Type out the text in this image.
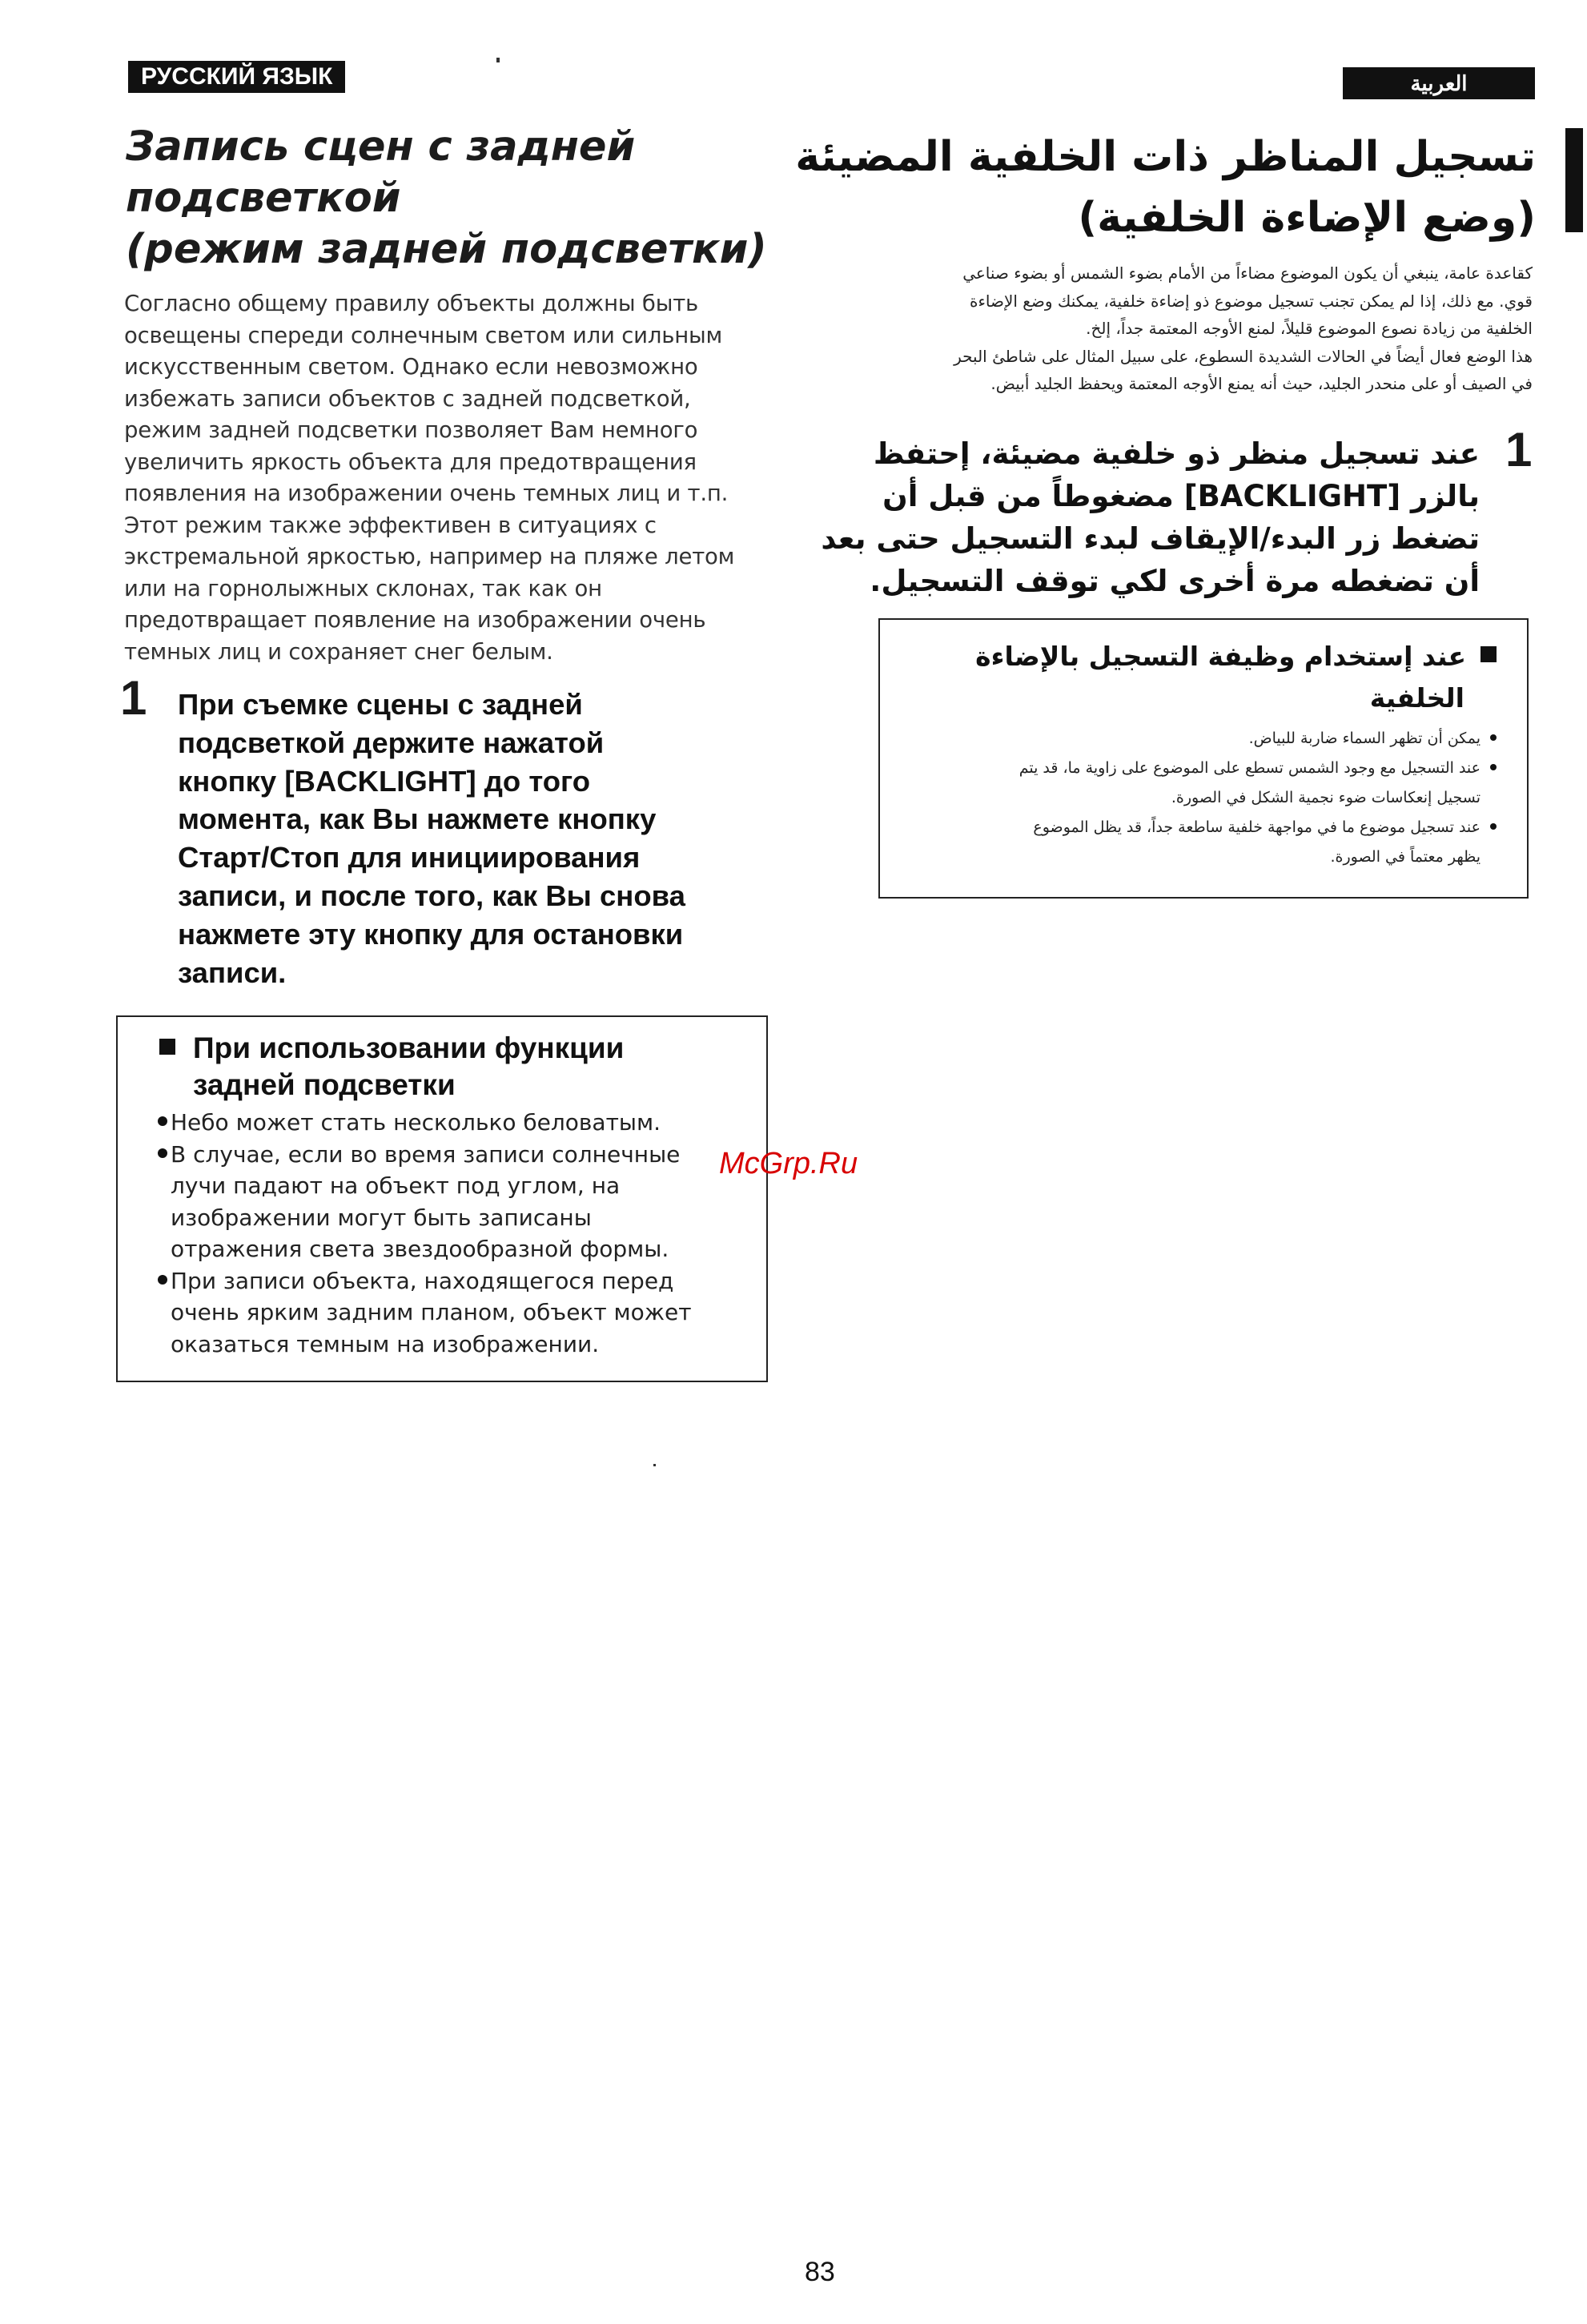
РУССКИЙ ЯЗЫК	العربية
Запись сцен с задней
подсветкой
(режим задней подсветки)
Согласно общему правилу объекты должны быть
освещены спереди солнечным светом или сильным
искусственным светом. Однако если невозможно
избежать записи объектов с задней подсветкой,
режим задней подсветки позволяет Вам немного
увеличить яркость объекта для предотвращения
появления на изображении очень темных лиц и т.п.
Этот режим также эффективен в ситуациях с
экстремальной яркостью, например на пляже летом
или на горнолыжных склонах, так как он
предотвращает появление на изображении очень
темных лиц и сохраняет снег белым.
1 При съемке сцены с задней
подсветкой держите нажатой
кнопку [BACKLIGHT] до того
момента, как Вы нажмете кнопку
Старт/Стоп для инициирования
записи, и после того, как Вы снова
нажмете эту кнопку для остановки
записи.
При использовании функции
задней подсветки
Небо может стать несколько беловатым.
В случае, если во время записи солнечные
лучи падают на объект под углом, на
изображении могут быть записаны
отражения света звездообразной формы.
При записи объекта, находящегося перед
очень ярким задним планом, объект может
оказаться темным на изображении.
تسجيل المناظر ذات الخلفية المضيئة
(وضع الإضاءة الخلفية)
كقاعدة عامة، ينبغي أن يكون الموضوع مضاءاً من الأمام بضوء الشمس أو بضوء صناعي
قوي. مع ذلك، إذا لم يمكن تجنب تسجيل موضوع ذو إضاءة خلفية، يمكنك وضع الإضاءة
الخلفية من زيادة نصوع الموضوع قليلاً، لمنع الأوجه المعتمة جداً، إلخ.
هذا الوضع فعال أيضاً في الحالات الشديدة السطوع، على سبيل المثال على شاطئ البحر
في الصيف أو على منحدر الجليد، حيث أنه يمنع الأوجه المعتمة ويحفظ الجليد أبيض.
1
عند تسجيل منظر ذو خلفية مضيئة، إحتفظ
بالزر [BACKLIGHT] مضغوطاً من قبل أن
تضغط زر البدء/الإيقاف لبدء التسجيل حتى بعد
أن تضغطه مرة أخرى لكي توقف التسجيل.
عند إستخدام وظيفة التسجيل بالإضاءة
الخلفية
يمكن أن تظهر السماء ضاربة للبياض.
عند التسجيل مع وجود الشمس تسطع على الموضوع على زاوية ما، قد يتم
تسجيل إنعكاسات ضوء نجمية الشكل في الصورة.
عند تسجيل موضوع ما في مواجهة خلفية ساطعة جداً، قد يظل الموضوع
يظهر معتماً في الصورة.
McGrp.Ru
83
